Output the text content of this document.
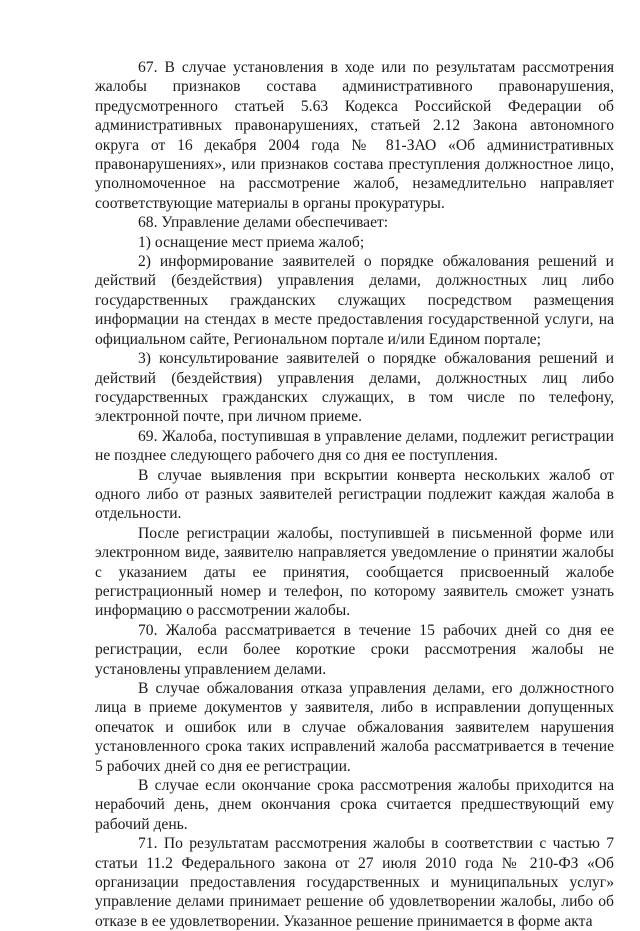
67. В случае установления в ходе или по результатам рассмотрения жалобы признаков состава административного правонарушения, предусмотренного статьей 5.63 Кодекса Российской Федерации об административных правонарушениях, статьей 2.12 Закона автономного округа от 16 декабря 2004 года № 81-ЗАО «Об административных правонарушениях», или признаков состава преступления должностное лицо, уполномоченное на рассмотрение жалоб, незамедлительно направляет соответствующие материалы в органы прокуратуры.

68. Управление делами обеспечивает:

1) оснащение мест приема жалоб;

2) информирование заявителей о порядке обжалования решений и действий (бездействия) управления делами, должностных лиц либо государственных гражданских служащих посредством размещения информации на стендах в месте предоставления государственной услуги, на официальном сайте, Региональном портале и/или Едином портале;

3) консультирование заявителей о порядке обжалования решений и действий (бездействия) управления делами, должностных лиц либо государственных гражданских служащих, в том числе по телефону, электронной почте, при личном приеме.

69. Жалоба, поступившая в управление делами, подлежит регистрации не позднее следующего рабочего дня со дня ее поступления.

В случае выявления при вскрытии конверта нескольких жалоб от одного либо от разных заявителей регистрации подлежит каждая жалоба в отдельности.

После регистрации жалобы, поступившей в письменной форме или электронном виде, заявителю направляется уведомление о принятии жалобы с указанием даты ее принятия, сообщается присвоенный жалобе регистрационный номер и телефон, по которому заявитель сможет узнать информацию о рассмотрении жалобы.

70. Жалоба рассматривается в течение 15 рабочих дней со дня ее регистрации, если более короткие сроки рассмотрения жалобы не установлены управлением делами.

В случае обжалования отказа управления делами, его должностного лица в приеме документов у заявителя, либо в исправлении допущенных опечаток и ошибок или в случае обжалования заявителем нарушения установленного срока таких исправлений жалоба рассматривается в течение 5 рабочих дней со дня ее регистрации.

В случае если окончание срока рассмотрения жалобы приходится на нерабочий день, днем окончания срока считается предшествующий ему рабочий день.

71. По результатам рассмотрения жалобы в соответствии с частью 7 статьи 11.2 Федерального закона от 27 июля 2010 года № 210-ФЗ «Об организации предоставления государственных и муниципальных услуг» управление делами принимает решение об удовлетворении жалобы, либо об отказе в ее удовлетворении. Указанное решение принимается в форме акта
